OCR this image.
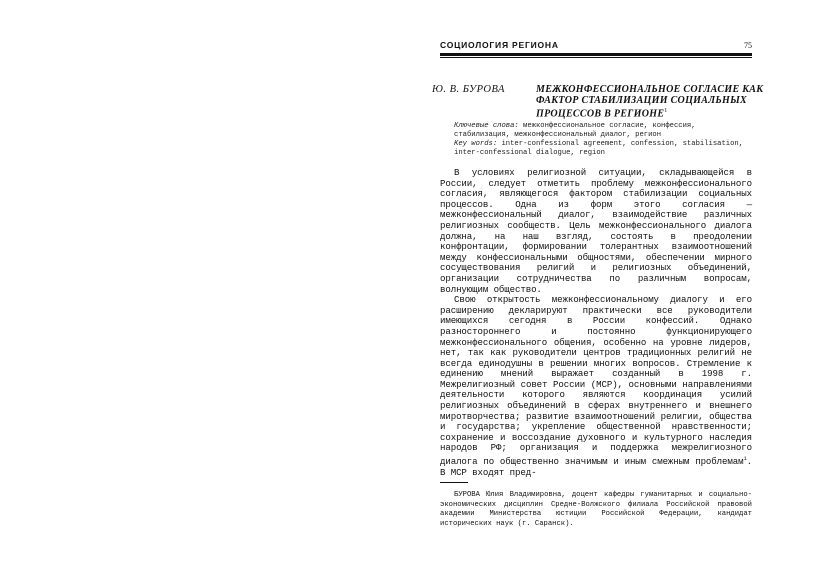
СОЦИОЛОГИЯ РЕГИОНА	75
Ю. В. БУРОВА	МЕЖКОНФЕССИОНАЛЬНОЕ СОГЛАСИЕ КАК ФАКТОР СТАБИЛИЗАЦИИ СОЦИАЛЬНЫХ ПРОЦЕССОВ В РЕГИОНЕ$^1$
Ключевые слова: межконфессиональное согласие, конфессия, стабилизация, межконфессиональный диалог, регион
Key words: inter-confessional agreement, confession, stabilisation, inter-confessional dialogue, region

В условиях религиозной ситуации, складывающейся в России, следует отметить проблему межконфессионального согласия, являющегося фактором стабилизации социальных процессов. Одна из форм этого согласия — межконфессиональный диалог, взаимодействие различных религиозных сообществ. Цель межконфессионального диалога должна, на наш взгляд, состоять в преодолении конфронтации, формировании толерантных взаимоотношений между конфессиональными общностями, обеспечении мирного сосуществования религий и религиозных объединений, организации сотрудничества по различным вопросам, волнующим общество.

Свою открытость межконфессиональному диалогу и его расширению декларируют практически все руководители имеющихся сегодня в России конфессий. Однако разностороннего и постоянно функционирующего межконфессионального общения, особенно на уровне лидеров, нет, так как руководители центров традиционных религий не всегда единодушны в решении многих вопросов. Стремление к единению мнений выражает созданный в 1998 г. Межрелигиозный совет России (МСР), основными направлениями деятельности которого являются координация усилий религиозных объединений в сферах внутреннего и внешнего миротворчества; развитие взаимоотношений религии, общества и государства; укрепление общественной нравственности; сохранение и воссоздание духовного и культурного наследия народов РФ; организация и поддержка межрелигиозного диалога по общественно значимым и иным смежным проблемам$^1$. В МСР входят пред-

БУРОВА Юлия Владимировна, доцент кафедры гуманитарных и социально-экономических дисциплин Средне-Волжского филиала Российской правовой академии Министерства юстиции Российской Федерации, кандидат исторических наук (г. Саранск).
